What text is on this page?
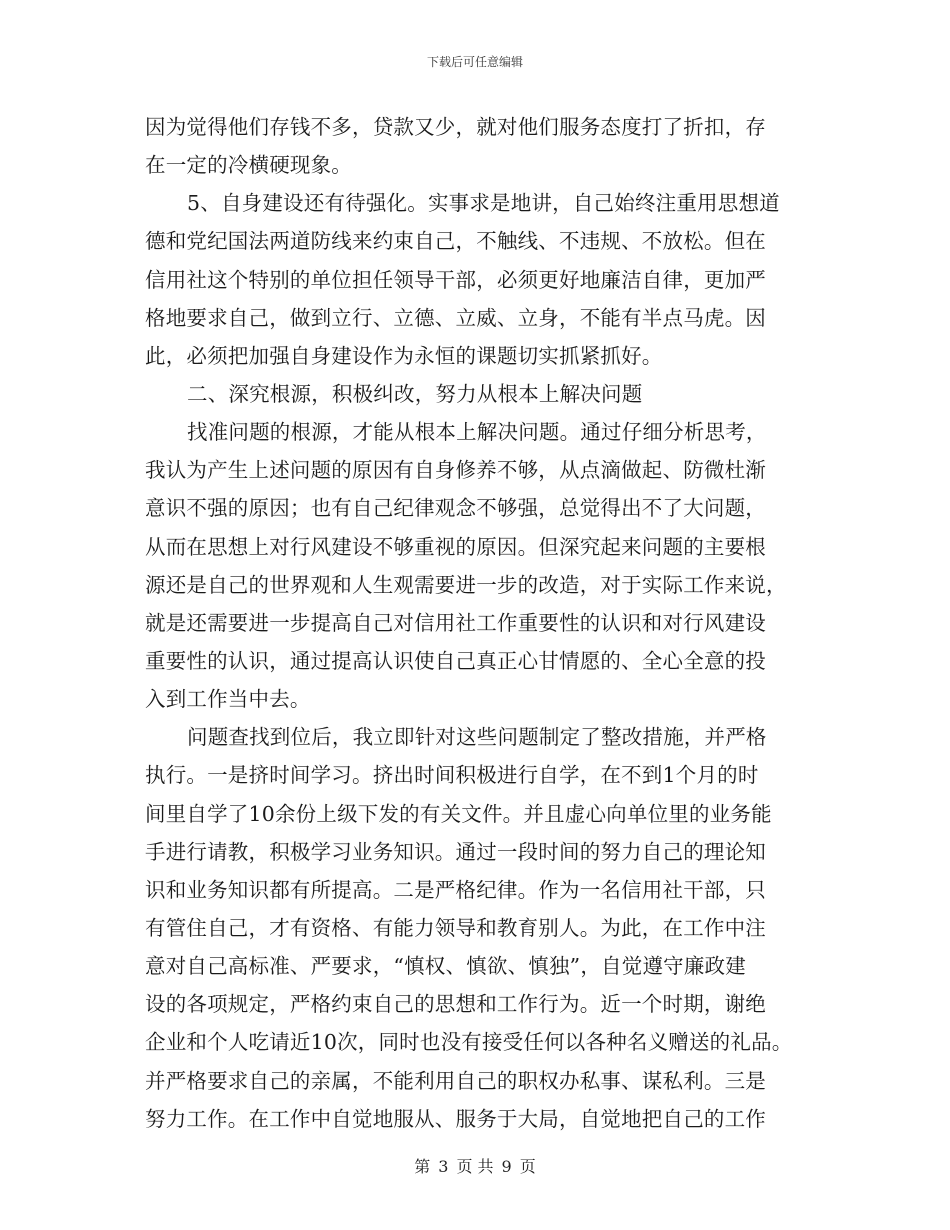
下载后可任意编辑
因为觉得他们存钱不多，贷款又少，就对他们服务态度打了折扣，存
在一定的冷横硬现象。
5、自身建设还有待强化。实事求是地讲，自己始终注重用思想道
德和党纪国法两道防线来约束自己，不触线、不违规、不放松。但在
信用社这个特别的单位担任领导干部，必须更好地廉洁自律，更加严
格地要求自己，做到立行、立德、立威、立身，不能有半点马虎。因
此，必须把加强自身建设作为永恒的课题切实抓紧抓好。
二、深究根源，积极纠改，努力从根本上解决问题
找准问题的根源，才能从根本上解决问题。通过仔细分析思考，
我认为产生上述问题的原因有自身修养不够，从点滴做起、防微杜渐
意识不强的原因；也有自己纪律观念不够强，总觉得出不了大问题，
从而在思想上对行风建设不够重视的原因。但深究起来问题的主要根
源还是自己的世界观和人生观需要进一步的改造，对于实际工作来说，
就是还需要进一步提高自己对信用社工作重要性的认识和对行风建设
重要性的认识，通过提高认识使自己真正心甘情愿的、全心全意的投
入到工作当中去。
问题查找到位后，我立即针对这些问题制定了整改措施，并严格
执行。一是挤时间学习。挤出时间积极进行自学，在不到1个月的时
间里自学了10余份上级下发的有关文件。并且虚心向单位里的业务能
手进行请教，积极学习业务知识。通过一段时间的努力自己的理论知
识和业务知识都有所提高。二是严格纪律。作为一名信用社干部，只
有管住自己，才有资格、有能力领导和教育别人。为此，在工作中注
意对自己高标准、严要求，“慎权、慎欲、慎独”，自觉遵守廉政建
设的各项规定，严格约束自己的思想和工作行为。近一个时期，谢绝
企业和个人吃请近10次，同时也没有接受任何以各种名义赠送的礼品。
并严格要求自己的亲属，不能利用自己的职权办私事、谋私利。三是
努力工作。在工作中自觉地服从、服务于大局，自觉地把自己的工作
第 3 页 共 9 页
